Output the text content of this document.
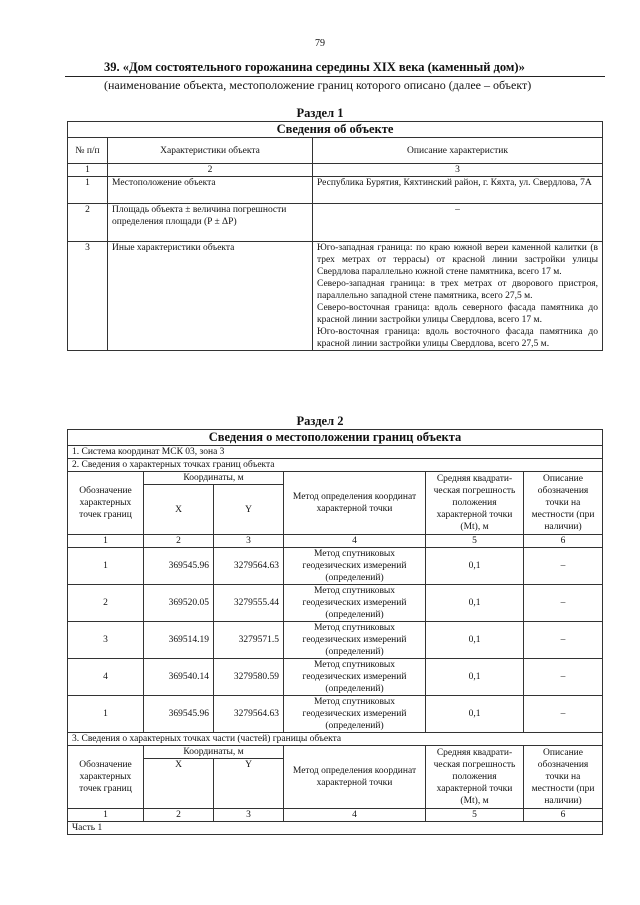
79
39. «Дом состоятельного горожанина середины XIX века (каменный дом)»
(наименование объекта, местоположение границ которого описано (далее – объект)
Раздел 1
Сведения об объекте		
№ п/п	Характеристики объекта	Описание характеристик
1	2	3
1	Местоположение объекта	Республика Бурятия, Кяхтинский район, г. Кяхта, ул. Свердлова, 7А
2	Площадь объекта ± величина погрешности определения площади (P ± ΔP)	–
3	Иные характеристики объекта	Юго-западная граница: по краю южной вереи каменной калитки (в трех метрах от террасы) от красной линии застройки улицы Свердлова параллельно южной стене памятника, всего 17 м.
Северо-западная граница: в трех метрах от дворового пристроя, параллельно западной стене памятника, всего 27,5 м.
Северо-восточная граница: вдоль северного фасада памятника до красной линии застройки улицы Свердлова, всего 17 м.
Юго-восточная граница: вдоль восточного фасада памятника до красной линии застройки улицы Свердлова, всего 27,5 м.
Раздел 2
Сведения о местоположении границ объекта					
1. Система координат МСК 03, зона 3					
2. Сведения о характерных точках границ объекта					
Обозначение характерных точек границ	Координаты, м		Метод определения координат характерной точки	Средняя квадрати-ческая погрешность положения характерной точки (Mt), м	Описание обозначения точки на местности (при наличии)
	X	Y			
1	2	3	4	5	6
1	369545.96	3279564.63	Метод спутниковых геодезических измерений (определений)	0,1	–
2	369520.05	3279555.44	Метод спутниковых геодезических измерений (определений)	0,1	–
3	369514.19	3279571.5	Метод спутниковых геодезических измерений (определений)	0,1	–
4	369540.14	3279580.59	Метод спутниковых геодезических измерений (определений)	0,1	–
1	369545.96	3279564.63	Метод спутниковых геодезических измерений (определений)	0,1	–
3. Сведения о характерных точках части (частей) границы объекта					
Обозначение характерных точек границ	Координаты, м		Метод определения координат характерной точки	Средняя квадрати-ческая погрешность положения характерной точки (Mt), м	Описание обозначения точки на местности (при наличии)
	X	Y			
1	2	3	4	5	6
Часть 1					
